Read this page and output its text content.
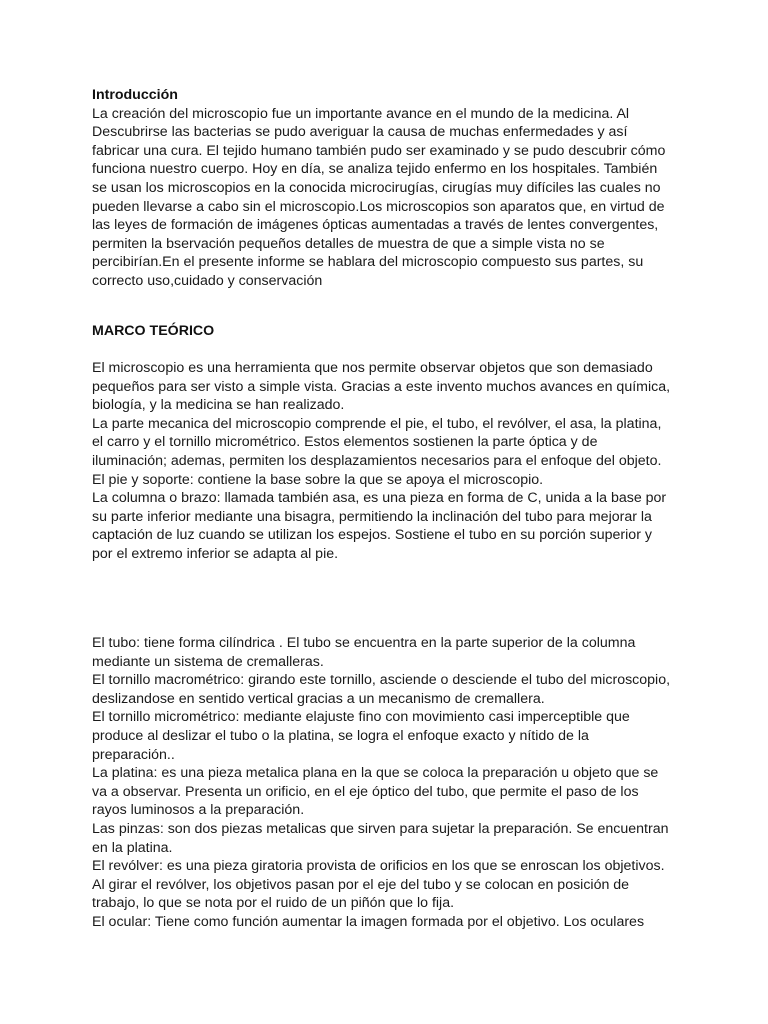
Introducción

La creación del microscopio fue un importante avance en el mundo de la medicina. Al

Descubrirse las bacterias se pudo averiguar la causa de muchas enfermedades y así

fabricar una cura. El tejido humano también pudo ser examinado y se pudo descubrir cómo

funciona nuestro cuerpo. Hoy en día, se analiza tejido enfermo en los hospitales. También

se usan los microscopios en la conocida microcirugías, cirugías muy difíciles las cuales no

pueden llevarse a cabo sin el microscopio.Los microscopios son aparatos que, en virtud de

las leyes de formación de imágenes ópticas aumentadas a través de lentes convergentes,

permiten la bservación pequeños detalles de muestra de que a simple vista no se

percibirían.En el presente informe se hablara del microscopio compuesto sus partes, su

correcto uso,cuidado y conservación

MARCO TEÓRICO

El microscopio es una herramienta que nos permite observar objetos que son demasiado

pequeños para ser visto a simple vista. Gracias a este invento muchos avances en química,

biología, y la medicina se han realizado.

La parte mecanica del microscopio comprende el pie, el tubo, el revólver, el asa, la platina,

el carro y el tornillo micrométrico. Estos elementos sostienen la parte óptica y de

iluminación; ademas, permiten los desplazamientos necesarios para el enfoque del objeto.

El pie y soporte: contiene la base sobre la que se apoya el microscopio.

La columna o brazo: llamada también asa, es una pieza en forma de C, unida a la base por

su parte inferior mediante una bisagra, permitiendo la inclinación del tubo para mejorar la

captación de luz cuando se utilizan los espejos. Sostiene el tubo en su porción superior y

por el extremo inferior se adapta al pie.

El tubo: tiene forma cilíndrica . El tubo se encuentra en la parte superior de la columna

mediante un sistema de cremalleras.

El tornillo macrométrico: girando este tornillo, asciende o desciende el tubo del microscopio,

deslizandose en sentido vertical gracias a un mecanismo de cremallera.

El tornillo micrométrico: mediante elajuste fino con movimiento casi imperceptible que

produce al deslizar el tubo o la platina, se logra el enfoque exacto y nítido de la

preparación..

La platina: es una pieza metalica plana en la que se coloca la preparación u objeto que se

va a observar. Presenta un orificio, en el eje óptico del tubo, que permite el paso de los

rayos luminosos a la preparación.

Las pinzas: son dos piezas metalicas que sirven para sujetar la preparación. Se encuentran

en la platina.

El revólver: es una pieza giratoria provista de orificios en los que se enroscan los objetivos.

Al girar el revólver, los objetivos pasan por el eje del tubo y se colocan en posición de

trabajo, lo que se nota por el ruido de un piñón que lo fija.

El ocular: Tiene como función aumentar la imagen formada por el objetivo. Los oculares
